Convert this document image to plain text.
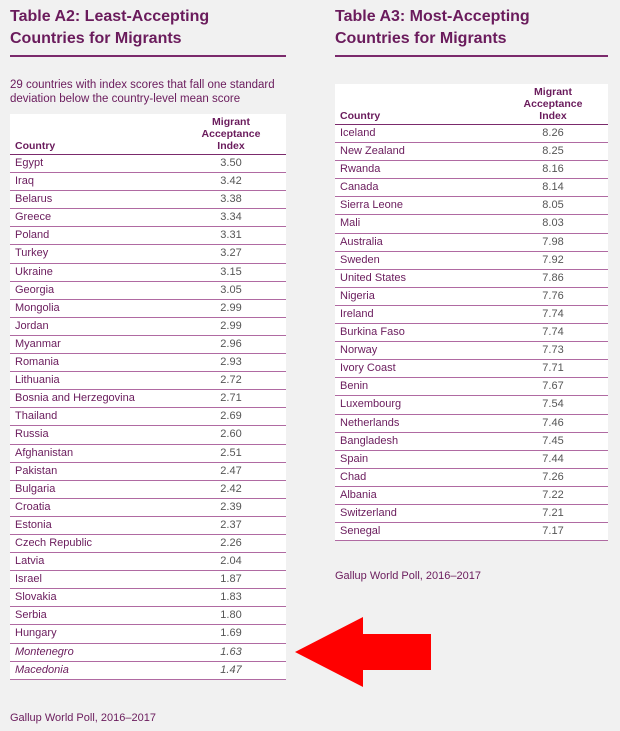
Table A2: Least-Accepting
Countries for Migrants

29 countries with index scores that fall one standard deviation below the country-level mean score

Country	Migrant
Acceptance
Index
Egypt	3.50
Iraq	3.42
Belarus	3.38
Greece	3.34
Poland	3.31
Turkey	3.27
Ukraine	3.15
Georgia	3.05
Mongolia	2.99
Jordan	2.99
Myanmar	2.96
Romania	2.93
Lithuania	2.72
Bosnia and Herzegovina	2.71
Thailand	2.69
Russia	2.60
Afghanistan	2.51
Pakistan	2.47
Bulgaria	2.42
Croatia	2.39
Estonia	2.37
Czech Republic	2.26
Latvia	2.04
Israel	1.87
Slovakia	1.83
Serbia	1.80
Hungary	1.69
Montenegro	1.63
Macedonia	1.47
Gallup World Poll, 2016–2017
Table A3: Most-Accepting
Countries for Migrants
Country	Migrant
Acceptance
Index
Iceland	8.26
New Zealand	8.25
Rwanda	8.16
Canada	8.14
Sierra Leone	8.05
Mali	8.03
Australia	7.98
Sweden	7.92
United States	7.86
Nigeria	7.76
Ireland	7.74
Burkina Faso	7.74
Norway	7.73
Ivory Coast	7.71
Benin	7.67
Luxembourg	7.54
Netherlands	7.46
Bangladesh	7.45
Spain	7.44
Chad	7.26
Albania	7.22
Switzerland	7.21
Senegal	7.17
Gallup World Poll, 2016–2017
